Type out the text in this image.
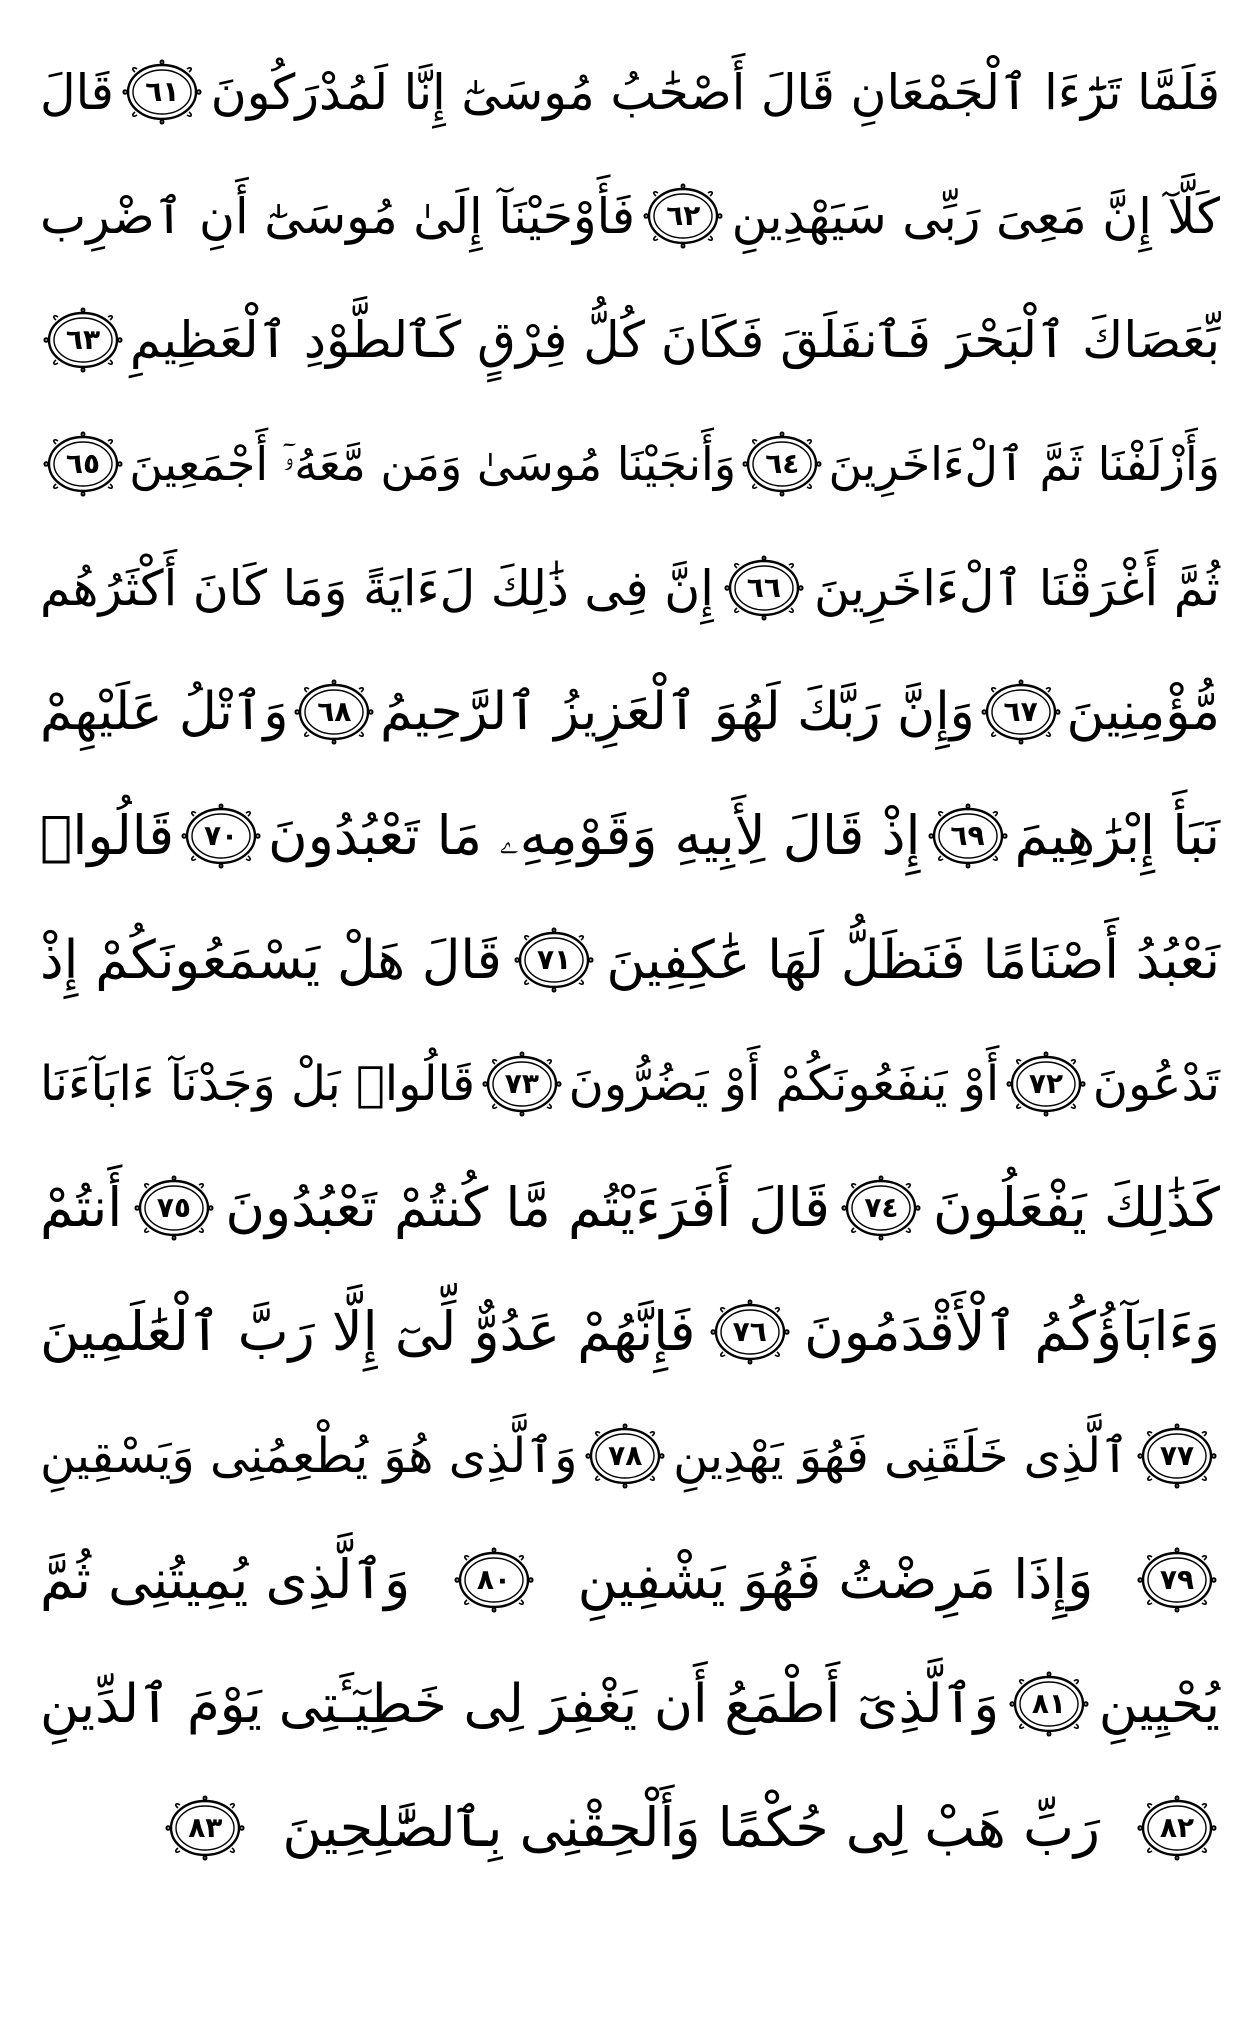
فَلَمَّا تَرَٰٓءَا ٱلْجَمْعَانِ قَالَ أَصْحَٰبُ مُوسَىٰٓ إِنَّا لَمُدْرَكُونَ
٦١
قَالَ
كَلَّآ إِنَّ مَعِىَ رَبِّى سَيَهْدِينِ
٦٢
فَأَوْحَيْنَآ إِلَىٰ مُوسَىٰٓ أَنِ ٱضْرِب
بِّعَصَاكَ ٱلْبَحْرَ فَٱنفَلَقَ فَكَانَ كُلُّ فِرْقٍ كَٱلطَّوْدِ ٱلْعَظِيمِ
٦٣
وَأَزْلَفْنَا ثَمَّ ٱلْءَاخَرِينَ
٦٤
وَأَنجَيْنَا مُوسَىٰ وَمَن مَّعَهُۥٓ أَجْمَعِينَ
٦٥
ثُمَّ أَغْرَقْنَا ٱلْءَاخَرِينَ
٦٦
إِنَّ فِى ذَٰلِكَ لَءَايَةً وَمَا كَانَ أَكْثَرُهُم
مُّؤْمِنِينَ
٦٧
وَإِنَّ رَبَّكَ لَهُوَ ٱلْعَزِيزُ ٱلرَّحِيمُ
٦٨
وَٱتْلُ عَلَيْهِمْ
نَبَأَ إِبْرَٰهِيمَ
٦٩
إِذْ قَالَ لِأَبِيهِ وَقَوْمِهِۦ مَا تَعْبُدُونَ
٧٠
قَالُوا۟
نَعْبُدُ أَصْنَامًا فَنَظَلُّ لَهَا عَٰكِفِينَ
٧١
قَالَ هَلْ يَسْمَعُونَكُمْ إِذْ
تَدْعُونَ
٧٢
أَوْ يَنفَعُونَكُمْ أَوْ يَضُرُّونَ
٧٣
قَالُوا۟ بَلْ وَجَدْنَآ ءَابَآءَنَا
كَذَٰلِكَ يَفْعَلُونَ
٧٤
قَالَ أَفَرَءَيْتُم مَّا كُنتُمْ تَعْبُدُونَ
٧٥
أَنتُمْ
وَءَابَآؤُكُمُ ٱلْأَقْدَمُونَ
٧٦
فَإِنَّهُمْ عَدُوٌّ لِّىٓ إِلَّا رَبَّ ٱلْعَٰلَمِينَ
٧٧
ٱلَّذِى خَلَقَنِى فَهُوَ يَهْدِينِ
٧٨
وَٱلَّذِى هُوَ يُطْعِمُنِى وَيَسْقِينِ
٧٩
وَإِذَا مَرِضْتُ فَهُوَ يَشْفِينِ
٨٠
وَٱلَّذِى يُمِيتُنِى ثُمَّ
يُحْيِينِ
٨١
وَٱلَّذِىٓ أَطْمَعُ أَن يَغْفِرَ لِى خَطِيٓـَٔتِى يَوْمَ ٱلدِّينِ
٨٢
رَبِّ هَبْ لِى حُكْمًا وَأَلْحِقْنِى بِٱلصَّٰلِحِينَ
٨٣
